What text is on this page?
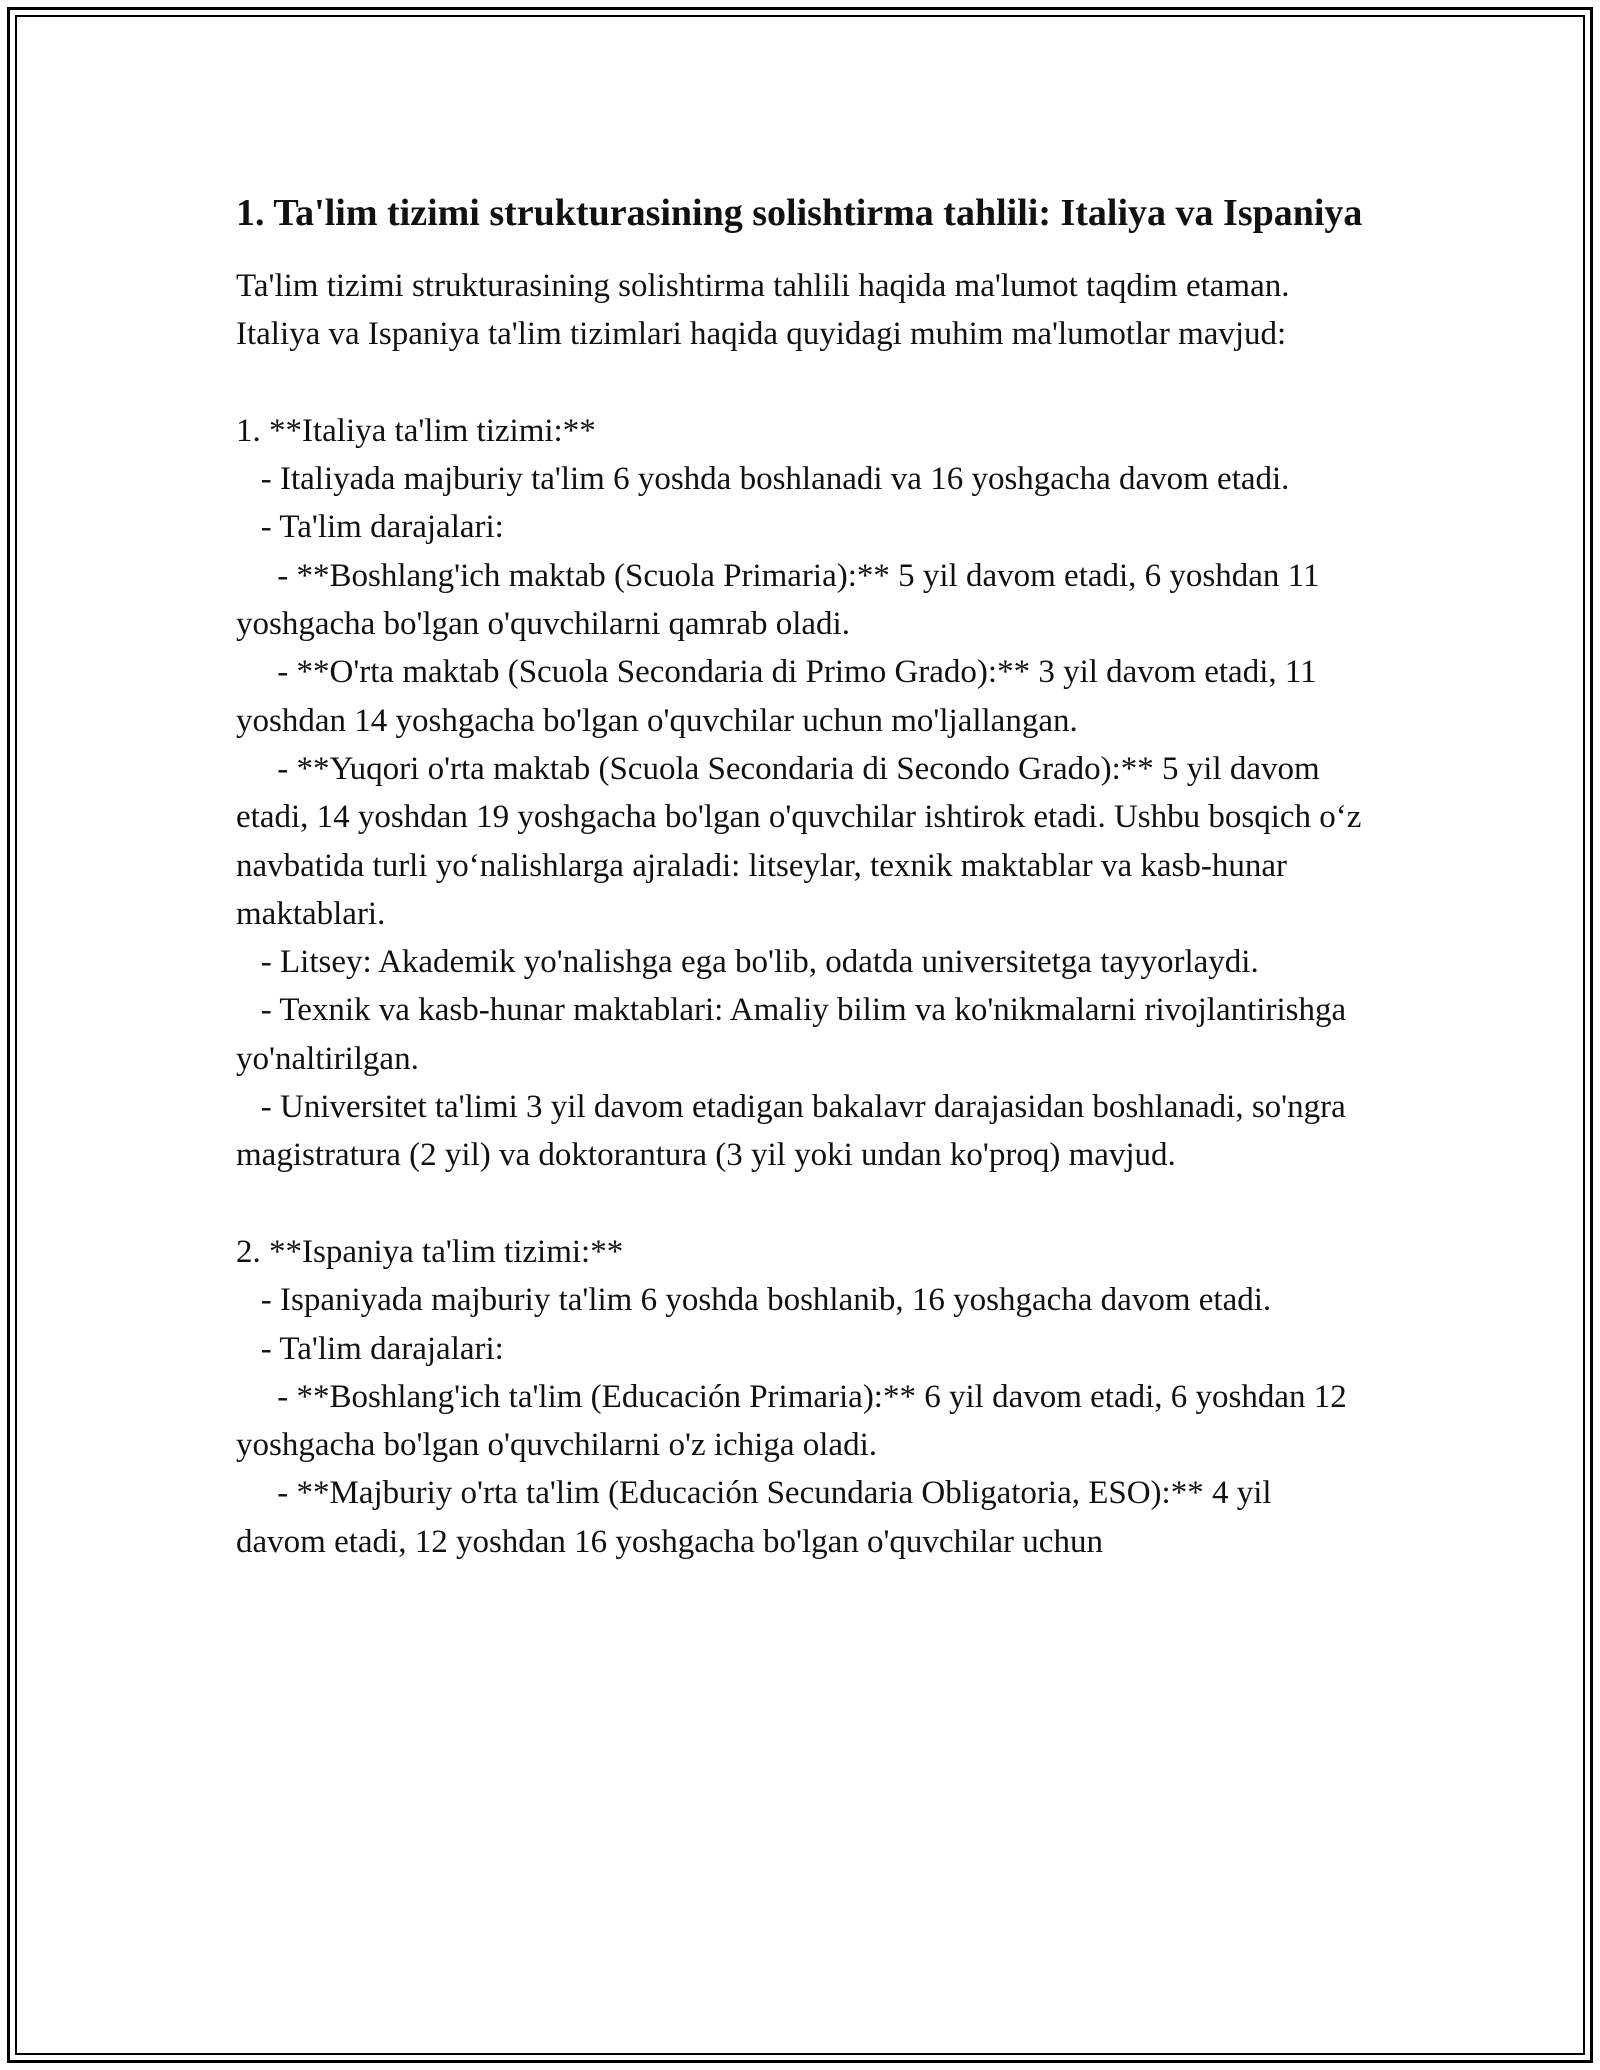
1. Ta'lim tizimi strukturasining solishtirma tahlili: Italiya va Ispaniya
Ta'lim tizimi strukturasining solishtirma tahlili haqida ma'lumot taqdim etaman. Italiya va Ispaniya ta'lim tizimlari haqida quyidagi muhim ma'lumotlar mavjud:

1. **Italiya ta'lim tizimi:**
- Italiyada majburiy ta'lim 6 yoshda boshlanadi va 16 yoshgacha davom etadi.
- Ta'lim darajalari:
- **Boshlang'ich maktab (Scuola Primaria):** 5 yil davom etadi, 6 yoshdan 11 yoshgacha bo'lgan o'quvchilarni qamrab oladi.
- **O'rta maktab (Scuola Secondaria di Primo Grado):** 3 yil davom etadi, 11 yoshdan 14 yoshgacha bo'lgan o'quvchilar uchun mo'ljallangan.
- **Yuqori o'rta maktab (Scuola Secondaria di Secondo Grado):** 5 yil davom etadi, 14 yoshdan 19 yoshgacha bo'lgan o'quvchilar ishtirok etadi. Ushbu bosqich o‘z navbatida turli yo‘nalishlarga ajraladi: litseylar, texnik maktablar va kasb-hunar maktablari.
- Litsey: Akademik yo'nalishga ega bo'lib, odatda universitetga tayyorlaydi.
- Texnik va kasb-hunar maktablari: Amaliy bilim va ko'nikmalarni rivojlantirishga yo'naltirilgan.
- Universitet ta'limi 3 yil davom etadigan bakalavr darajasidan boshlanadi, so'ngra magistratura (2 yil) va doktorantura (3 yil yoki undan ko'proq) mavjud.

2. **Ispaniya ta'lim tizimi:**
- Ispaniyada majburiy ta'lim 6 yoshda boshlanib, 16 yoshgacha davom etadi.
- Ta'lim darajalari:
- **Boshlang'ich ta'lim (Educación Primaria):** 6 yil davom etadi, 6 yoshdan 12 yoshgacha bo'lgan o'quvchilarni o'z ichiga oladi.
- **Majburiy o'rta ta'lim (Educación Secundaria Obligatoria, ESO):** 4 yil davom etadi, 12 yoshdan 16 yoshgacha bo'lgan o'quvchilar uchun
